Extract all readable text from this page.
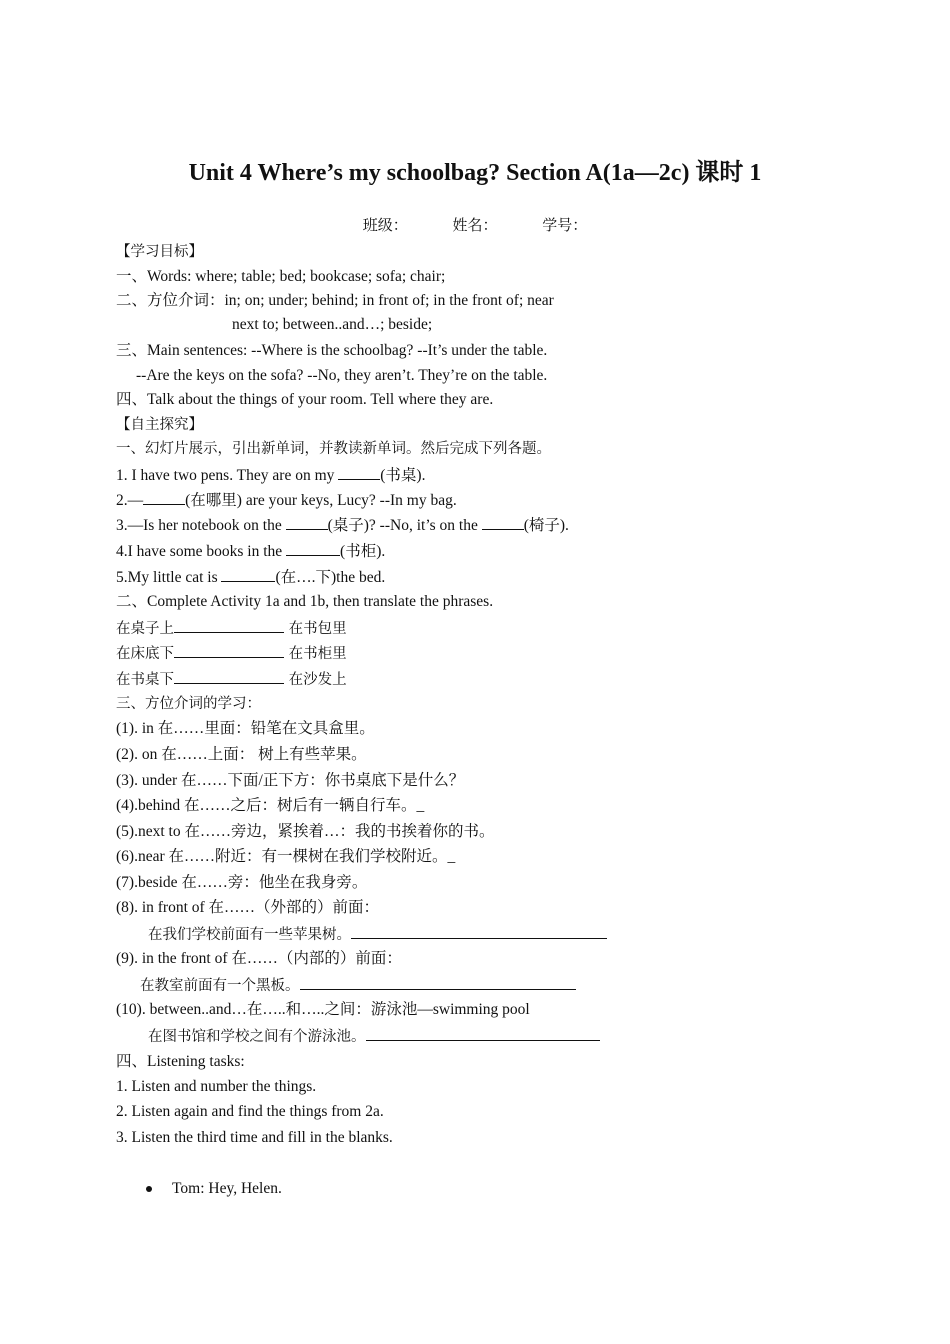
Unit 4 Where’s my schoolbag? Section A(1a—2c) 课时 1
班级：	姓名：	学号：
【学习目标】
一、Words: where; table; bed; bookcase; sofa; chair;
二、方位介词：in; on; under; behind; in front of; in the front of; near
next to; between..and…; beside;
三、Main sentences: --Where is the schoolbag? --It’s under the table.
--Are the keys on the sofa? --No, they aren’t. They’re on the table.
四、Talk about the things of your room. Tell where they are.
【自主探究】
一、幻灯片展示，引出新单词，并教读新单词。然后完成下列各题。
1. I have two pens. They are on my	(书桌).
2.—	(在哪里) are your keys, Lucy? --In my bag.
3.—Is her notebook on the	(桌子)? --No, it’s on the	(椅子).
4.I have some books in the	(书柜).
5.My little cat is	(在….下)the bed.
二、Complete Activity 1a and 1b, then translate the phrases.
在桌子上	在书包里
在床底下	在书柜里
在书桌下	在沙发上
三、方位介词的学习：
(1). in 在……里面：铅笔在文具盒里。
(2). on 在……上面： 树上有些苹果。
(3). under 在……下面/正下方：你书桌底下是什么？
(4).behind 在……之后：树后有一辆自行车。_
(5).next to 在……旁边，紧挨着…：我的书挨着你的书。
(6).near 在……附近：有一棵树在我们学校附近。_
(7).beside 在……旁：他坐在我身旁。
(8). in front of 在……（外部的）前面：
在我们学校前面有一些苹果树。
(9). in the front of 在……（内部的）前面：
在教室前面有一个黑板。
(10). between..and…在…..和…..之间：游泳池—swimming pool
在图书馆和学校之间有个游泳池。
四、Listening tasks:
1. Listen and number the things.
2. Listen again and find the things from 2a.
3. Listen the third time and fill in the blanks.
Tom: Hey, Helen.
